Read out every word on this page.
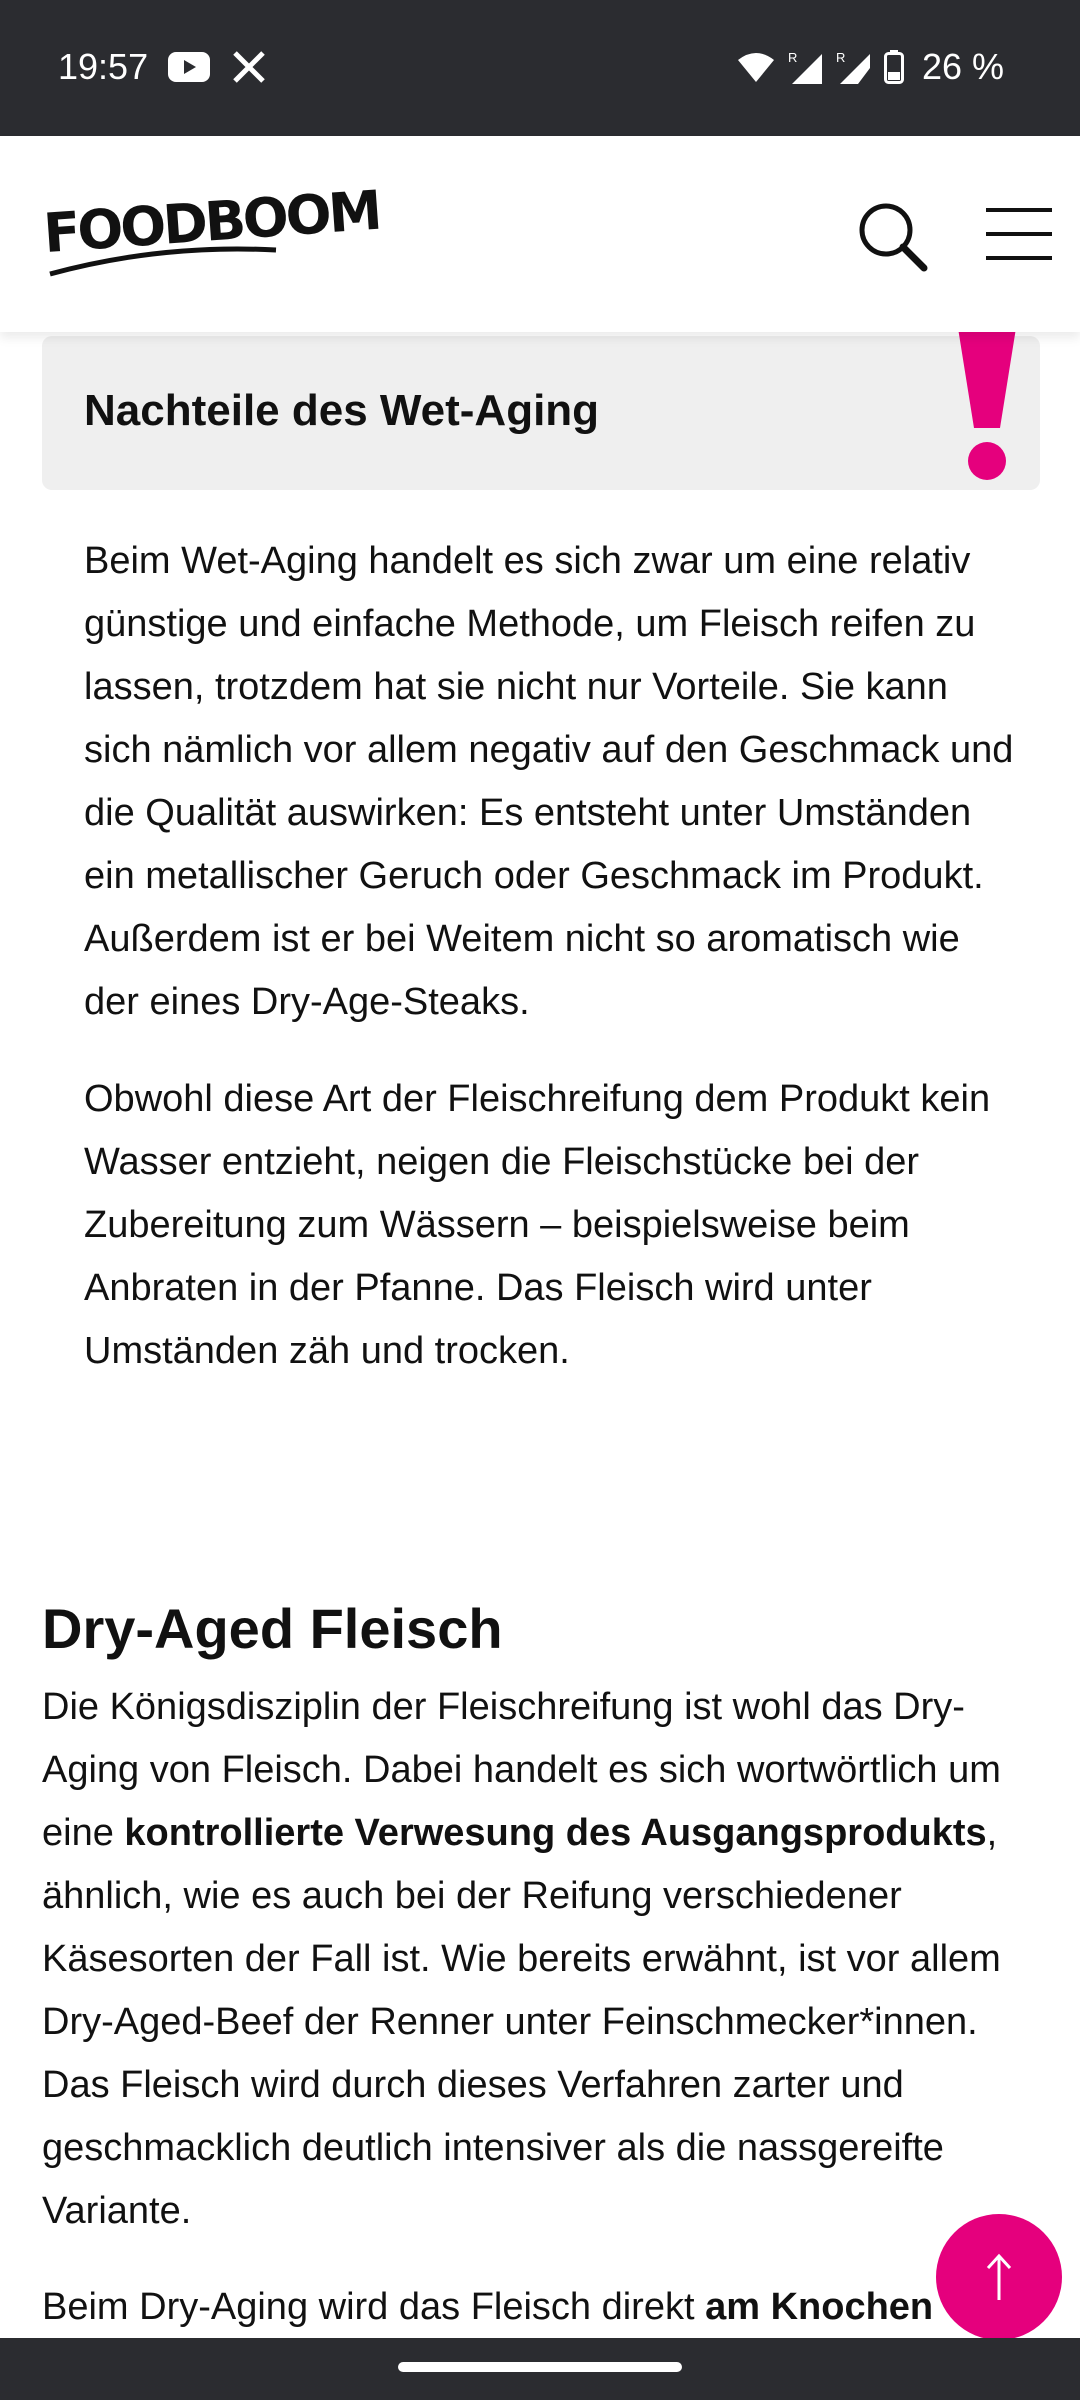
19:57	R	R 26 %
FOODBOOM
Nachteile des Wet-Aging
Beim Wet-Aging handelt es sich zwar um eine relativ günstige und einfache Methode, um Fleisch reifen zu lassen, trotzdem hat sie nicht nur Vorteile. Sie kann sich nämlich vor allem negativ auf den Geschmack und die Qualität auswirken: Es entsteht unter Umständen ein metallischer Geruch oder Geschmack im Produkt. Außerdem ist er bei Weitem nicht so aromatisch wie der eines Dry-Age-Steaks.
Obwohl diese Art der Fleischreifung dem Produkt kein Wasser entzieht, neigen die Fleischstücke bei der Zubereitung zum Wässern – beispielsweise beim Anbraten in der Pfanne. Das Fleisch wird unter Umständen zäh und trocken.
Dry-Aged Fleisch
Die Königsdisziplin der Fleischreifung ist wohl das Dry-Aging von Fleisch. Dabei handelt es sich wortwörtlich um eine kontrollierte Verwesung des Ausgangsprodukts, ähnlich, wie es auch bei der Reifung verschiedener Käsesorten der Fall ist. Wie bereits erwähnt, ist vor allem Dry-Aged-Beef der Renner unter Feinschmecker*innen. Das Fleisch wird durch dieses Verfahren zarter und geschmacklich deutlich intensiver als die nassgereifte Variante.
Beim Dry-Aging wird das Fleisch direkt am Knochen
